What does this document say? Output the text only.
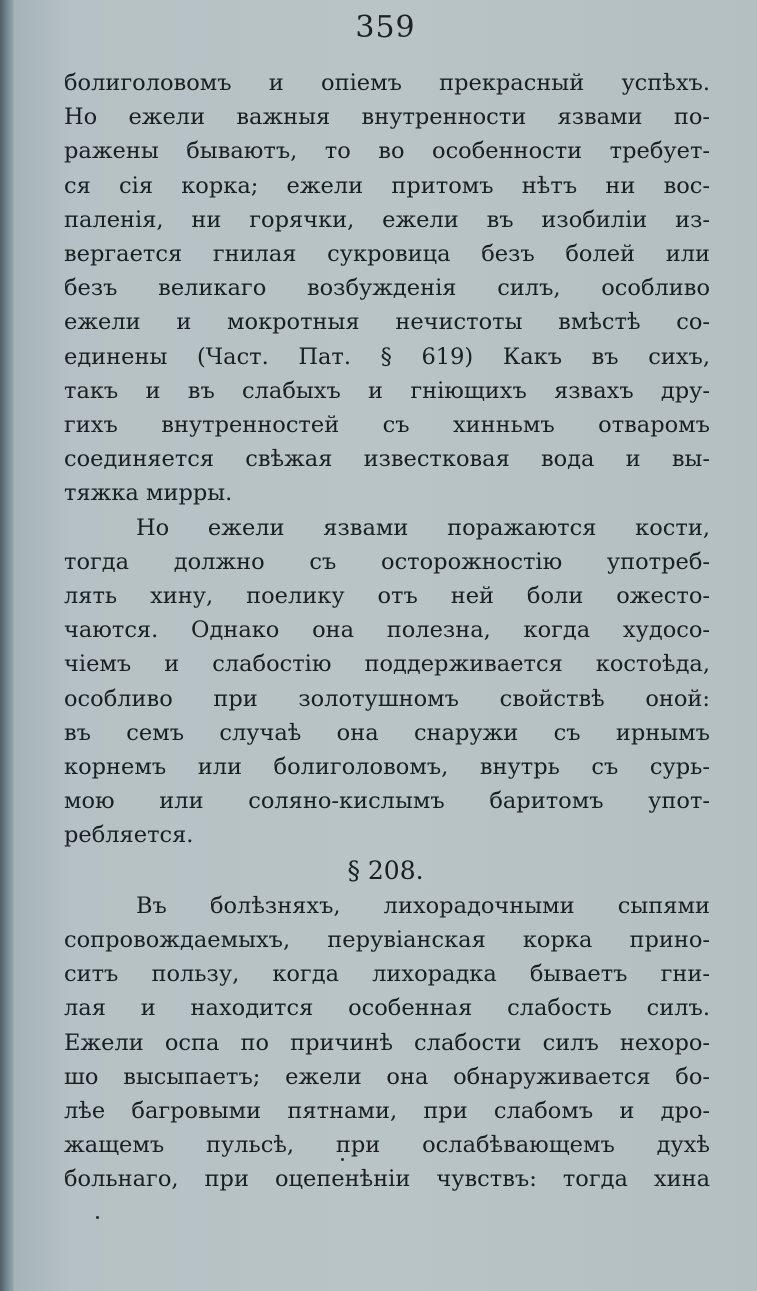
359
болиголовомъ и опiемъ прекрасный успѣхъ.
Но ежели важныя внутренности язвами по-
ражены бываютъ, то во особенности требует-
ся сiя корка; ежели притомъ нѣтъ ни вос-
паленiя, ни горячки, ежели въ изобилiи из-
вергается гнилая сукровица безъ болей или
безъ великаго возбужденiя силъ, особливо
ежели и мокротныя нечистоты вмѣстѣ со-
единены (Част. Пат. § 619) Какъ въ сихъ,
такъ и въ слабыхъ и гнiющихъ язвахъ дру-
гихъ внутренностей съ хинньмъ отваромъ
соединяется свѣжая известковая вода и вы-
тяжка мирры.
Но ежели язвами поражаются кости,
тогда должно съ осторожностiю употреб-
лять хину, поелику отъ ней боли ожесто-
чаются. Однако она полезна, когда худосо-
чiемъ и слабостiю поддерживается костоѣда,
особливо при золотушномъ свойствѣ оной:
въ семъ случаѣ она снаружи съ ирнымъ
корнемъ или болиголовомъ, внутрь съ сурь-
мою или соляно-кислымъ баритомъ упот-
ребляется.
§ 208.
Въ болѣзняхъ, лихорадочными сыпями
сопровождаемыхъ, перувiанская корка прино-
ситъ пользу, когда лихорадка бываетъ гни-
лая и находится особенная слабость силъ.
Ежели оспа по причинѣ слабости силъ нехоро-
шо высыпаетъ; ежели она обнаруживается бо-
лѣе багровыми пятнами, при слабомъ и дро-
жащемъ пульсѣ, при ослабѣвающемъ духѣ
больнаго, при оцепенѣнiи чувствъ: тогда хина
